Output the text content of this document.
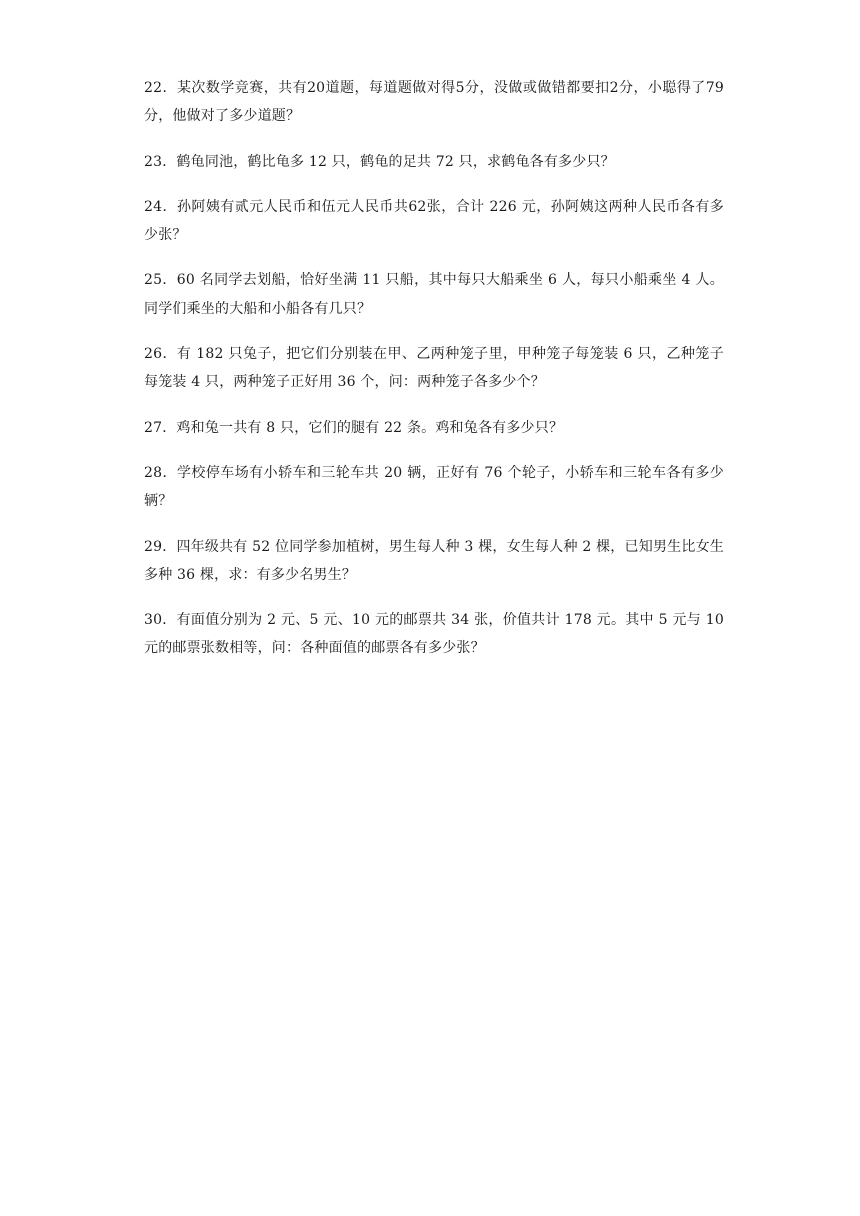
22．某次数学竞赛，共有20道题，每道题做对得5分，没做或做错都要扣2分，小聪得了79分，他做对了多少道题？
23．鹤龟同池，鹤比龟多 12 只，鹤龟的足共 72 只，求鹤龟各有多少只？
24．孙阿姨有贰元人民币和伍元人民币共62张，合计 226 元，孙阿姨这两种人民币各有多少张？
25．60 名同学去划船，恰好坐满 11 只船，其中每只大船乘坐 6 人，每只小船乘坐 4 人。同学们乘坐的大船和小船各有几只？
26．有 182 只兔子，把它们分别装在甲、乙两种笼子里，甲种笼子每笼装 6 只，乙种笼子每笼装 4 只，两种笼子正好用 36 个，问：两种笼子各多少个？
27．鸡和兔一共有 8 只，它们的腿有 22 条。鸡和兔各有多少只？
28．学校停车场有小轿车和三轮车共 20 辆，正好有 76 个轮子，小轿车和三轮车各有多少辆？
29．四年级共有 52 位同学参加植树，男生每人种 3 棵，女生每人种 2 棵，已知男生比女生多种 36 棵，求：有多少名男生？
30．有面值分别为 2 元、5 元、10 元的邮票共 34 张，价值共计 178 元。其中 5 元与 10 元的邮票张数相等，问：各种面值的邮票各有多少张？
